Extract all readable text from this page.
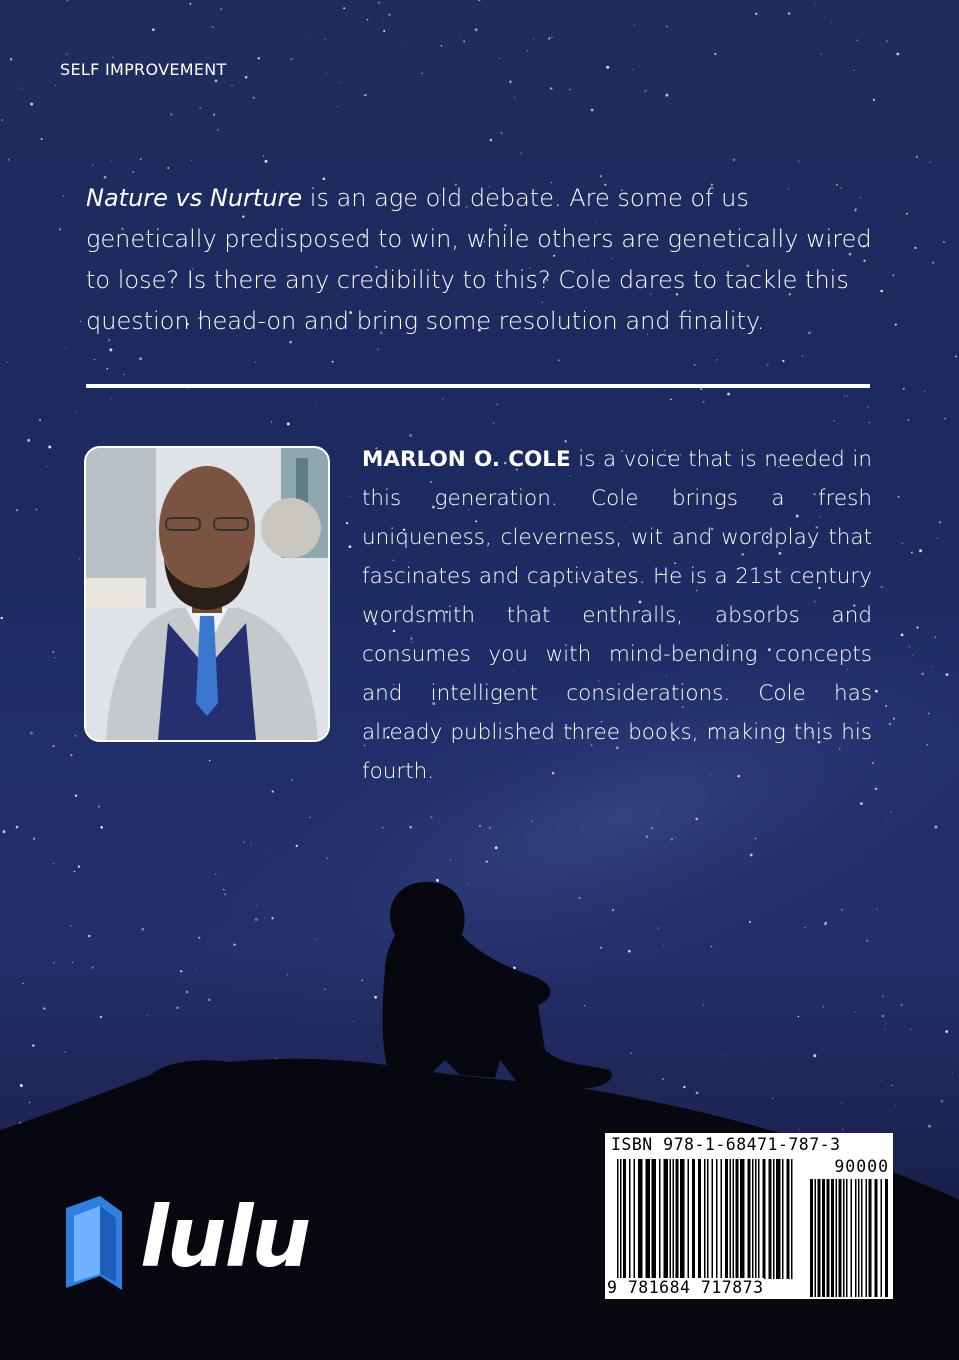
SELF IMPROVEMENT
Nature vs Nurture is an age old debate. Are some of us genetically predisposed to win, while others are genetically wired to lose? Is there any credibility to this? Cole dares to tackle this question head-on and bring some resolution and finality.
MARLON O. COLE is a voice that is needed in this generation. Cole brings a fresh uniqueness, cleverness, wit and wordplay that fascinates and captivates. He is a 21st century wordsmith that enthralls, absorbs and consumes you with mind-bending concepts and intelligent considerations. Cole has already published three books, making this his fourth.
lulu
ISBN 978-1-68471-787-3
90000
9 781684 717873
